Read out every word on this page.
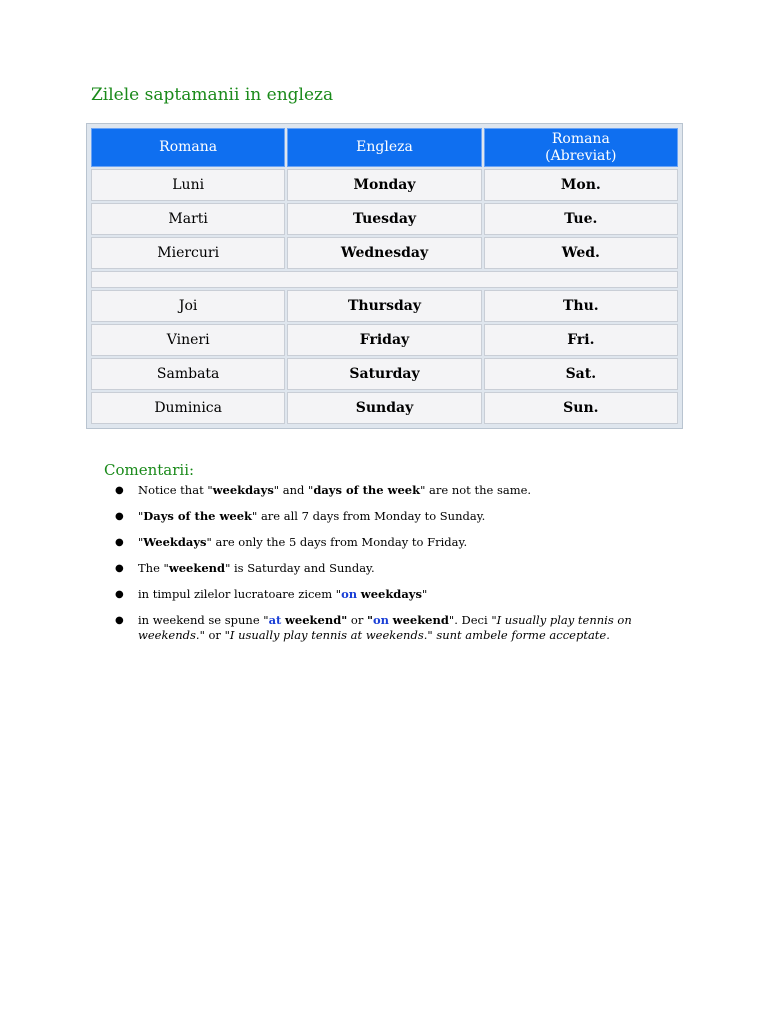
Zilele saptamanii in engleza
Romana	Engleza	Romana
(Abreviat)
Luni	Monday	Mon.
Marti	Tuesday	Tue.
Miercuri	Wednesday	Wed.

Joi	Thursday	Thu.
Vineri	Friday	Fri.
Sambata	Saturday	Sat.
Duminica	Sunday	Sun.
Comentarii:
● Notice that "weekdays" and "days of the week" are not the same.
● "Days of the week" are all 7 days from Monday to Sunday.
● "Weekdays" are only the 5 days from Monday to Friday.
● The "weekend" is Saturday and Sunday.
● in timpul zilelor lucratoare zicem "on weekdays"
● in weekend se spune "at weekend" or "on weekend". Deci "I usually play tennis on weekends." or "I usually play tennis at weekends." sunt ambele forme acceptate.
